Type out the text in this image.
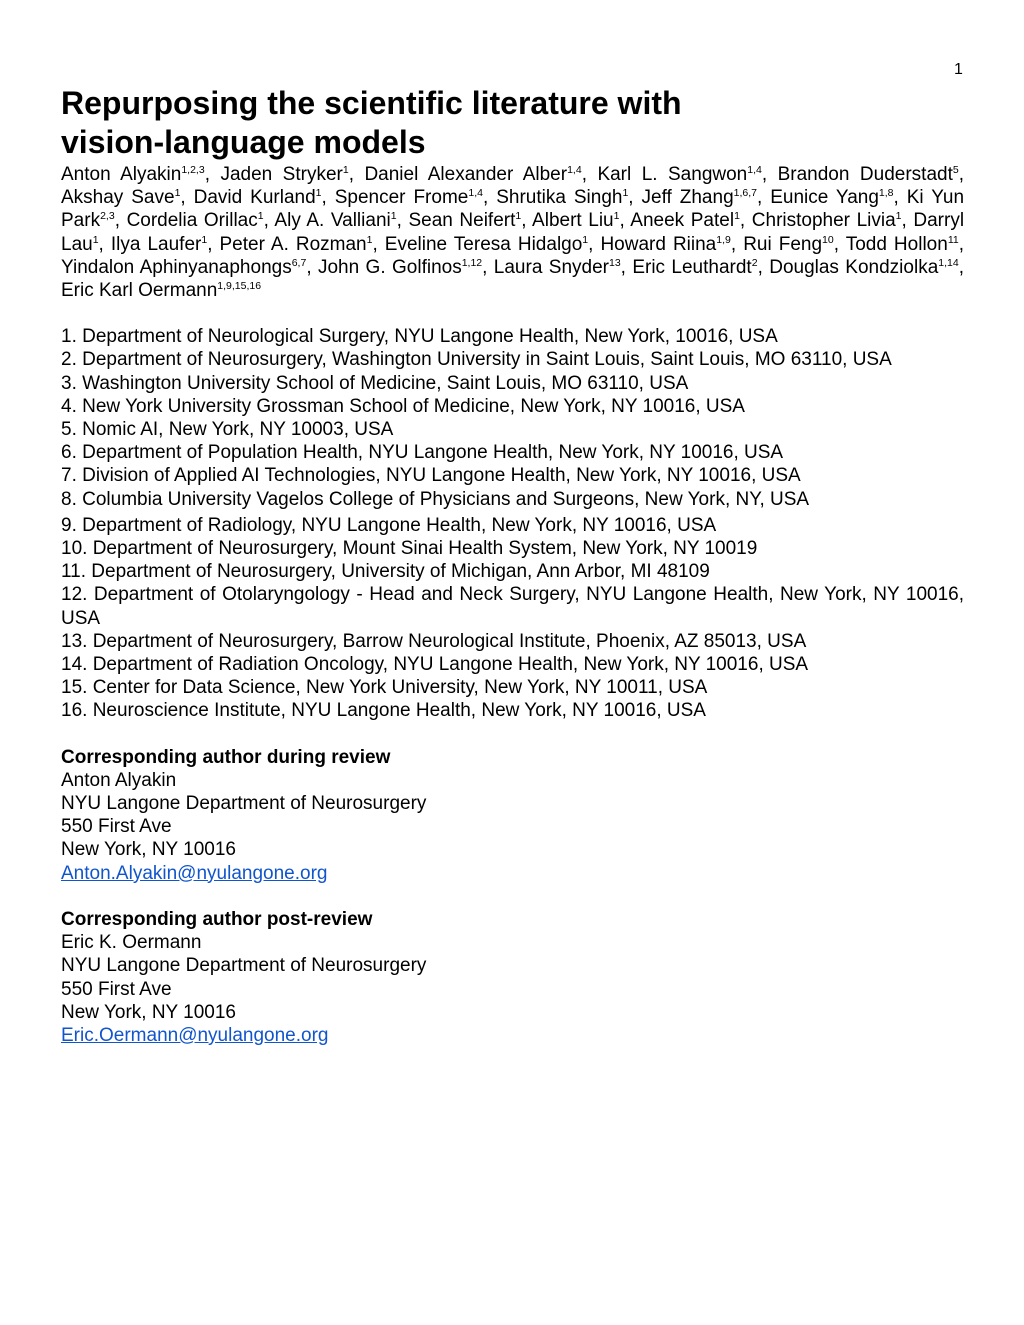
1
Repurposing the scientific literature with vision-language models
Anton Alyakin$^{1,2,3}$, Jaden Stryker$^1$, Daniel Alexander Alber$^{1,4}$, Karl L. Sangwon$^{1,4}$, Brandon Duderstadt$^5$, Akshay Save$^1$, David Kurland$^1$, Spencer Frome$^{1,4}$, Shrutika Singh$^1$, Jeff Zhang$^{1,6,7}$, Eunice Yang$^{1,8}$, Ki Yun Park$^{2,3}$, Cordelia Orillac$^1$, Aly A. Valliani$^1$, Sean Neifert$^1$, Albert Liu$^1$, Aneek Patel$^1$, Christopher Livia$^1$, Darryl Lau$^1$, Ilya Laufer$^1$, Peter A. Rozman$^1$, Eveline Teresa Hidalgo$^1$, Howard Riina$^{1,9}$, Rui Feng$^{10}$, Todd Hollon$^{11}$, Yindalon Aphinyanaphongs$^{6,7}$, John G. Golfinos$^{1,12}$, Laura Snyder$^{13}$, Eric Leuthardt$^2$, Douglas Kondziolka$^{1,14}$, Eric Karl Oermann$^{1,9,15,16}$
1. Department of Neurological Surgery, NYU Langone Health, New York, 10016, USA
2. Department of Neurosurgery, Washington University in Saint Louis, Saint Louis, MO 63110, USA
3. Washington University School of Medicine, Saint Louis, MO 63110, USA
4. New York University Grossman School of Medicine, New York, NY 10016, USA
5. Nomic AI, New York, NY 10003, USA
6. Department of Population Health, NYU Langone Health, New York, NY 10016, USA
7. Division of Applied AI Technologies, NYU Langone Health, New York, NY 10016, USA
8. Columbia University Vagelos College of Physicians and Surgeons, New York, NY, USA
9. Department of Radiology, NYU Langone Health, New York, NY 10016, USA
10. Department of Neurosurgery, Mount Sinai Health System, New York, NY 10019
11. Department of Neurosurgery, University of Michigan, Ann Arbor, MI 48109
12. Department of Otolaryngology - Head and Neck Surgery, NYU Langone Health, New York, NY 10016, USA
13. Department of Neurosurgery, Barrow Neurological Institute, Phoenix, AZ 85013, USA
14. Department of Radiation Oncology, NYU Langone Health, New York, NY 10016, USA
15. Center for Data Science, New York University, New York, NY 10011, USA
16. Neuroscience Institute, NYU Langone Health, New York, NY 10016, USA
Corresponding author during review
Anton Alyakin
NYU Langone Department of Neurosurgery
550 First Ave
New York, NY 10016
Anton.Alyakin@nyulangone.org
Corresponding author post-review
Eric K. Oermann
NYU Langone Department of Neurosurgery
550 First Ave
New York, NY 10016
Eric.Oermann@nyulangone.org
